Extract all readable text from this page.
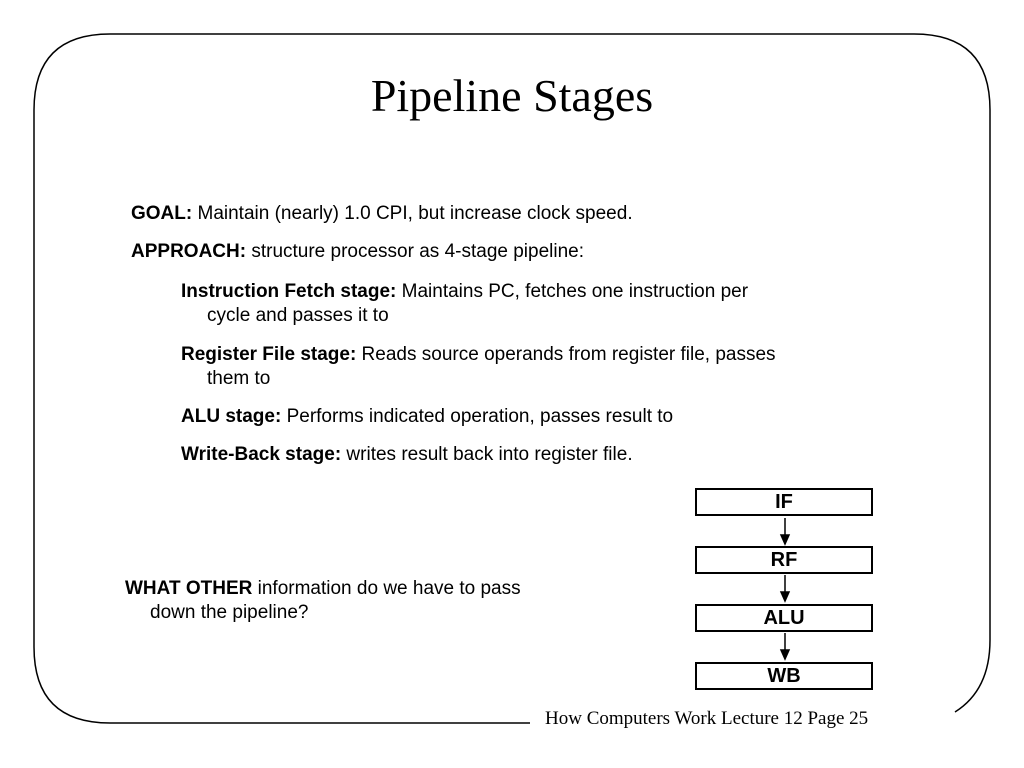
Pipeline Stages
GOAL: Maintain (nearly) 1.0 CPI, but increase clock speed.
APPROACH: structure processor as 4-stage pipeline:
Instruction Fetch stage: Maintains PC, fetches one instruction per
cycle and passes it to
Register File stage: Reads source operands from register file, passes
them to
ALU stage: Performs indicated operation, passes result to
Write-Back stage: writes result back into register file.
WHAT OTHER information do we have to pass
down the pipeline?
IF
RF
ALU
WB
How Computers Work Lecture 12 Page 25
